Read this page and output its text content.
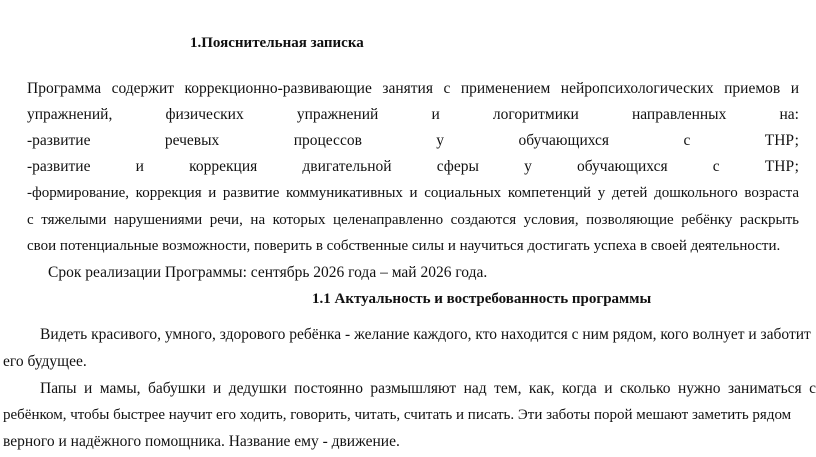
1.Пояснительная записка
Программа содержит коррекционно-развивающие занятия с применением нейропсихологических приемов и
упражнений,	физических	упражнений	и	логоритмики	направленных	на:
-развитие	речевых	процессов	у	обучающихся	с	ТНР;
-развитие	и	коррекция	двигательной	сферы	у	обучающихся	с	ТНР;
-формирование, коррекция и развитие коммуникативных и социальных компетенций у детей дошкольного возраста
с тяжелыми нарушениями речи, на которых целенаправленно создаются условия, позволяющие ребёнку раскрыть
свои потенциальные возможности, поверить в собственные силы и научиться достигать успеха в своей деятельности.
Срок реализации Программы: сентябрь 2026 года – май 2026 года.
1.1 Актуальность и востребованность программы
Видеть красивого, умного, здорового ребёнка - желание каждого, кто находится с ним рядом, кого волнует и заботит
его будущее.
Папы и мамы, бабушки и дедушки постоянно размышляют над тем, как, когда и сколько нужно заниматься с
ребёнком, чтобы быстрее научит его ходить, говорить, читать, считать и писать. Эти заботы порой мешают заметить рядом
верного и надёжного помощника. Название ему - движение.
